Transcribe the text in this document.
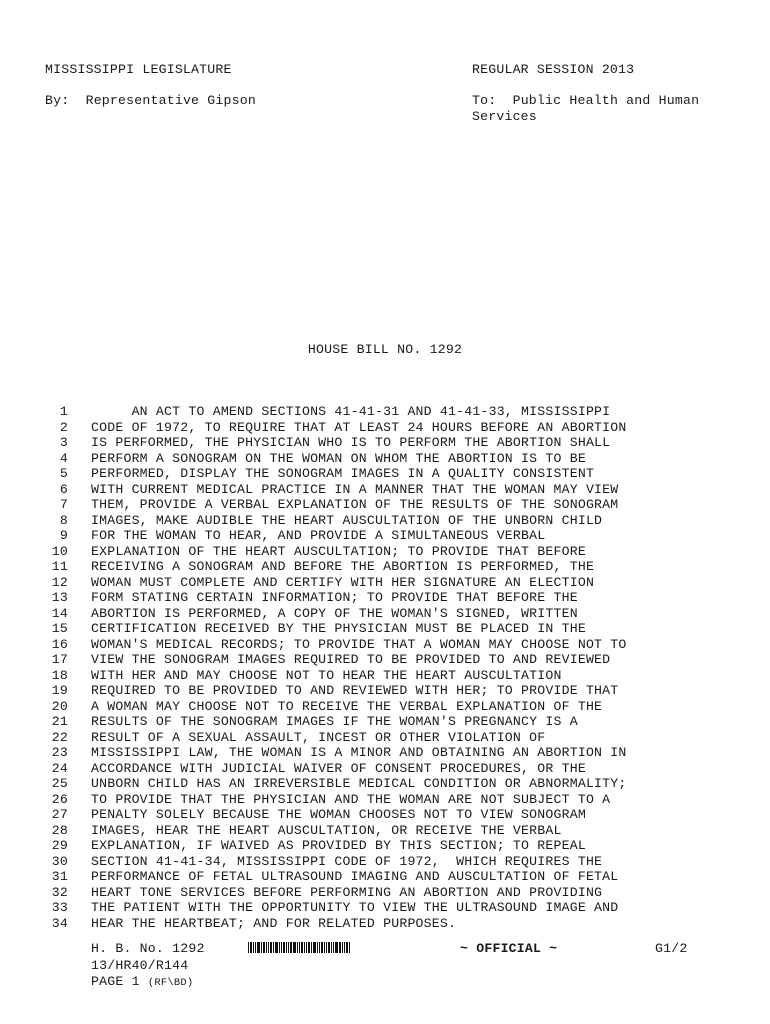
MISSISSIPPI LEGISLATURE	REGULAR SESSION 2013
By: Representative Gipson	To: Public Health and Human
Services
HOUSE BILL NO. 1292
1 AN ACT TO AMEND SECTIONS 41-41-31 AND 41-41-33, MISSISSIPPI
2 CODE OF 1972, TO REQUIRE THAT AT LEAST 24 HOURS BEFORE AN ABORTION
3 IS PERFORMED, THE PHYSICIAN WHO IS TO PERFORM THE ABORTION SHALL
4 PERFORM A SONOGRAM ON THE WOMAN ON WHOM THE ABORTION IS TO BE
5 PERFORMED, DISPLAY THE SONOGRAM IMAGES IN A QUALITY CONSISTENT
6 WITH CURRENT MEDICAL PRACTICE IN A MANNER THAT THE WOMAN MAY VIEW
7 THEM, PROVIDE A VERBAL EXPLANATION OF THE RESULTS OF THE SONOGRAM
8 IMAGES, MAKE AUDIBLE THE HEART AUSCULTATION OF THE UNBORN CHILD
9 FOR THE WOMAN TO HEAR, AND PROVIDE A SIMULTANEOUS VERBAL
10 EXPLANATION OF THE HEART AUSCULTATION; TO PROVIDE THAT BEFORE
11 RECEIVING A SONOGRAM AND BEFORE THE ABORTION IS PERFORMED, THE
12 WOMAN MUST COMPLETE AND CERTIFY WITH HER SIGNATURE AN ELECTION
13 FORM STATING CERTAIN INFORMATION; TO PROVIDE THAT BEFORE THE
14 ABORTION IS PERFORMED, A COPY OF THE WOMAN'S SIGNED, WRITTEN
15 CERTIFICATION RECEIVED BY THE PHYSICIAN MUST BE PLACED IN THE
16 WOMAN'S MEDICAL RECORDS; TO PROVIDE THAT A WOMAN MAY CHOOSE NOT TO
17 VIEW THE SONOGRAM IMAGES REQUIRED TO BE PROVIDED TO AND REVIEWED
18 WITH HER AND MAY CHOOSE NOT TO HEAR THE HEART AUSCULTATION
19 REQUIRED TO BE PROVIDED TO AND REVIEWED WITH HER; TO PROVIDE THAT
20 A WOMAN MAY CHOOSE NOT TO RECEIVE THE VERBAL EXPLANATION OF THE
21 RESULTS OF THE SONOGRAM IMAGES IF THE WOMAN'S PREGNANCY IS A
22 RESULT OF A SEXUAL ASSAULT, INCEST OR OTHER VIOLATION OF
23 MISSISSIPPI LAW, THE WOMAN IS A MINOR AND OBTAINING AN ABORTION IN
24 ACCORDANCE WITH JUDICIAL WAIVER OF CONSENT PROCEDURES, OR THE
25 UNBORN CHILD HAS AN IRREVERSIBLE MEDICAL CONDITION OR ABNORMALITY;
26 TO PROVIDE THAT THE PHYSICIAN AND THE WOMAN ARE NOT SUBJECT TO A
27 PENALTY SOLELY BECAUSE THE WOMAN CHOOSES NOT TO VIEW SONOGRAM
28 IMAGES, HEAR THE HEART AUSCULTATION, OR RECEIVE THE VERBAL
29 EXPLANATION, IF WAIVED AS PROVIDED BY THIS SECTION; TO REPEAL
30 SECTION 41-41-34, MISSISSIPPI CODE OF 1972,  WHICH REQUIRES THE
31 PERFORMANCE OF FETAL ULTRASOUND IMAGING AND AUSCULTATION OF FETAL
32 HEART TONE SERVICES BEFORE PERFORMING AN ABORTION AND PROVIDING
33 THE PATIENT WITH THE OPPORTUNITY TO VIEW THE ULTRASOUND IMAGE AND
34 HEAR THE HEARTBEAT; AND FOR RELATED PURPOSES.
H. B. No. 1292	~ OFFICIAL ~	G1/2
13/HR40/R144
PAGE 1 (RF\BD)
